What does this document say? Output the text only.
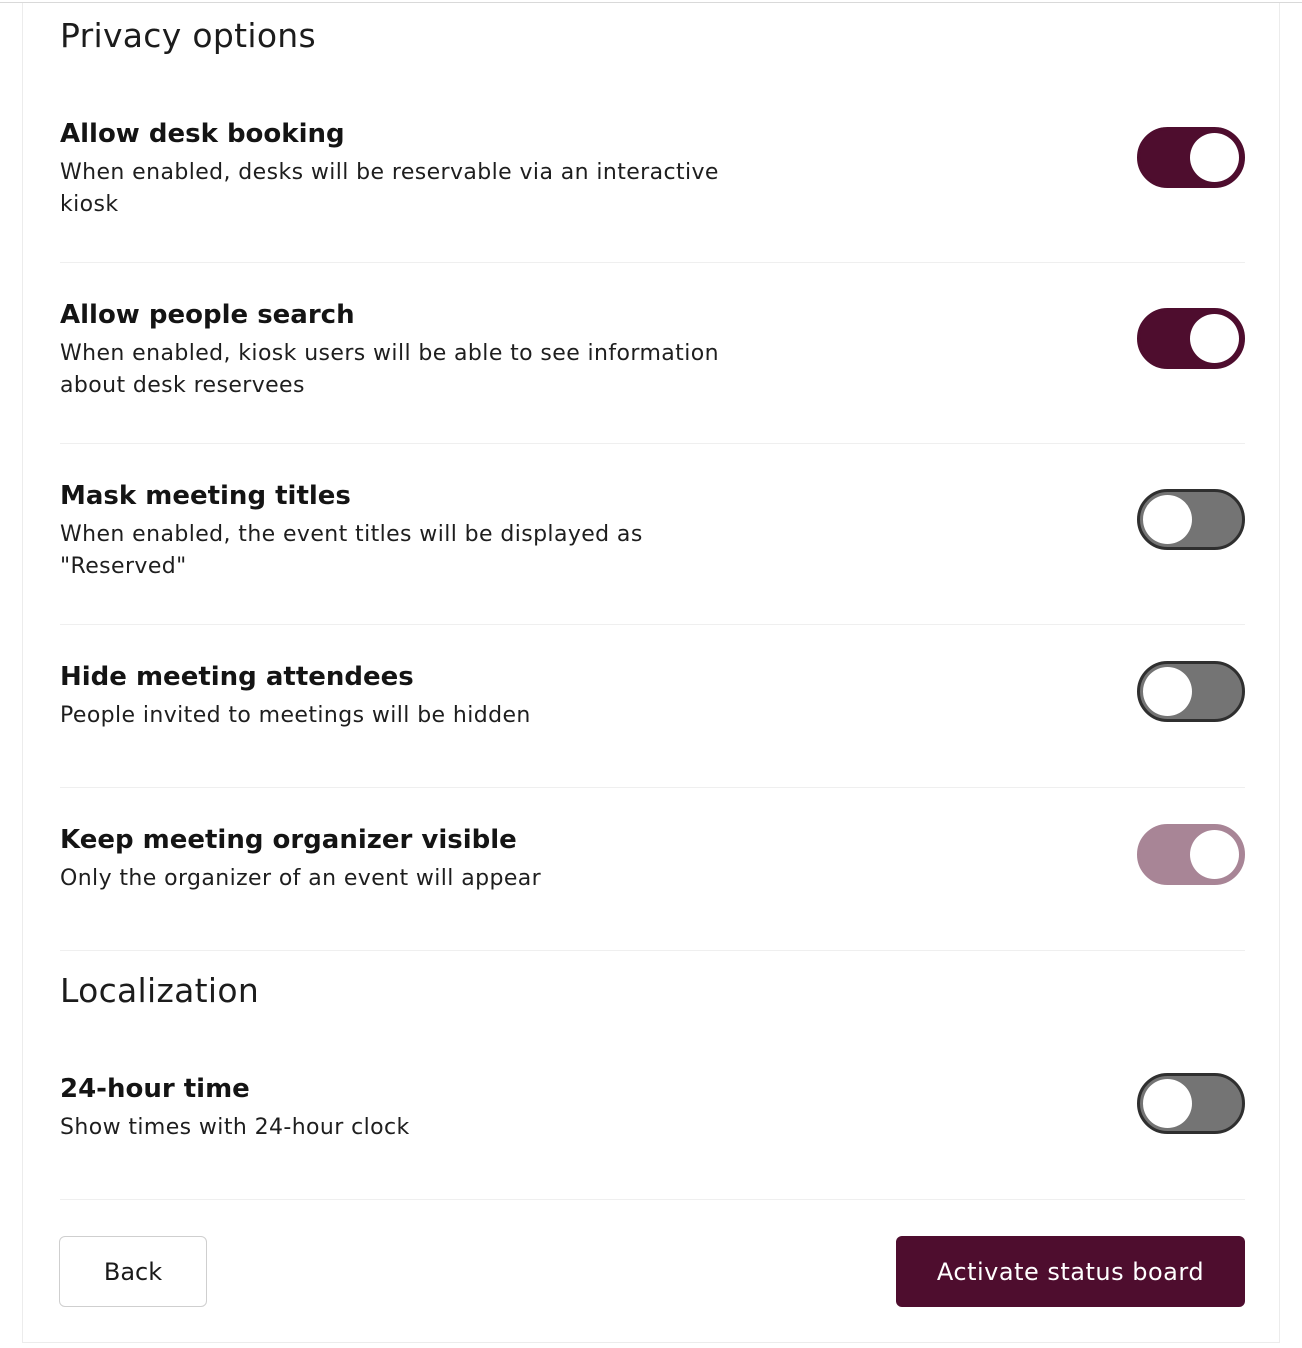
Privacy options
Allow desk booking
When enabled, desks will be reservable via an interactive kiosk
Allow people search
When enabled, kiosk users will be able to see information about desk reservees
Mask meeting titles
When enabled, the event titles will be displayed as "Reserved"
Hide meeting attendees
People invited to meetings will be hidden
Keep meeting organizer visible
Only the organizer of an event will appear
Localization
24-hour time
Show times with 24-hour clock
Back	Activate status board
